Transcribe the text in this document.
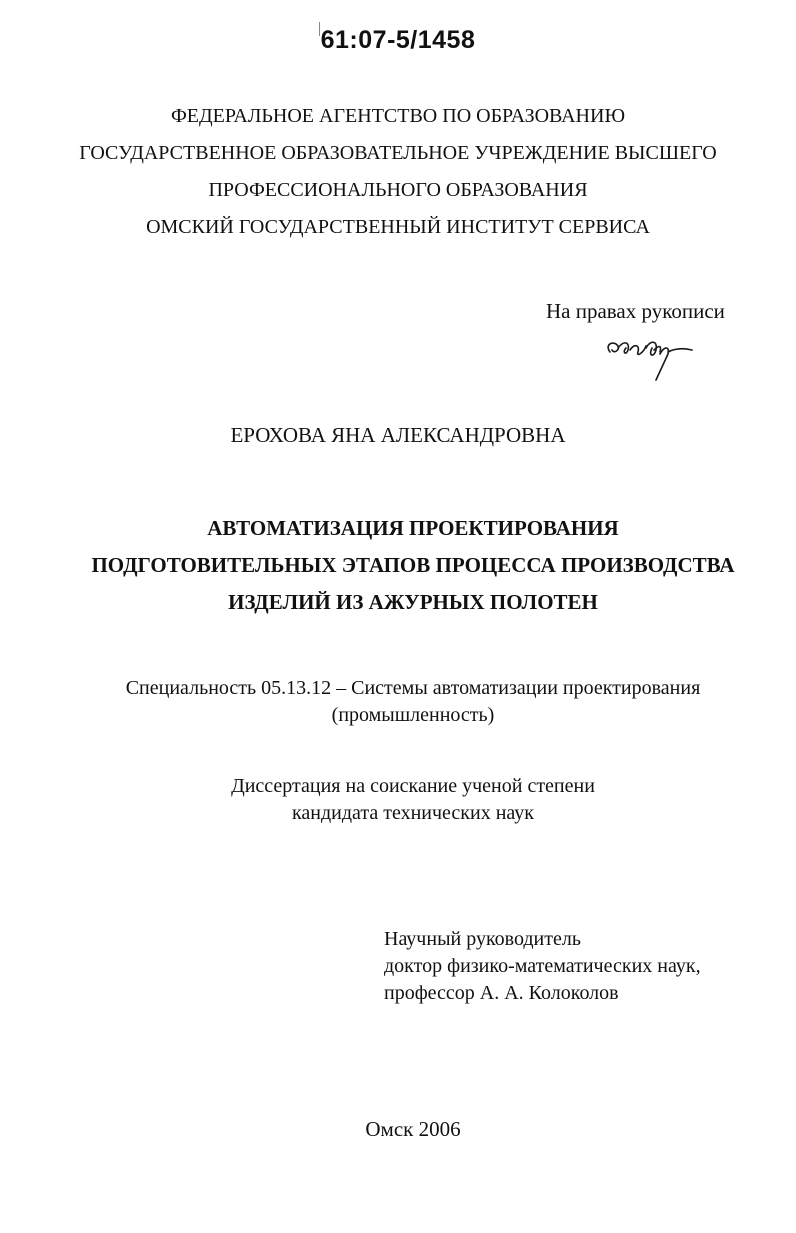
61:07-5/1458
ФЕДЕРАЛЬНОЕ АГЕНТСТВО ПО ОБРАЗОВАНИЮ
ГОСУДАРСТВЕННОЕ ОБРАЗОВАТЕЛЬНОЕ УЧРЕЖДЕНИЕ ВЫСШЕГО
ПРОФЕССИОНАЛЬНОГО ОБРАЗОВАНИЯ
ОМСКИЙ ГОСУДАРСТВЕННЫЙ ИНСТИТУТ СЕРВИСА
На правах рукописи
ЕРОХОВА ЯНА АЛЕКСАНДРОВНА
АВТОМАТИЗАЦИЯ ПРОЕКТИРОВАНИЯ
ПОДГОТОВИТЕЛЬНЫХ ЭТАПОВ ПРОЦЕССА ПРОИЗВОДСТВА
ИЗДЕЛИЙ ИЗ АЖУРНЫХ ПОЛОТЕН
Специальность 05.13.12 – Системы автоматизации проектирования
(промышленность)
Диссертация на соискание ученой степени
кандидата технических наук
Научный руководитель
доктор физико-математических наук,
профессор А. А. Колоколов
Омск 2006
